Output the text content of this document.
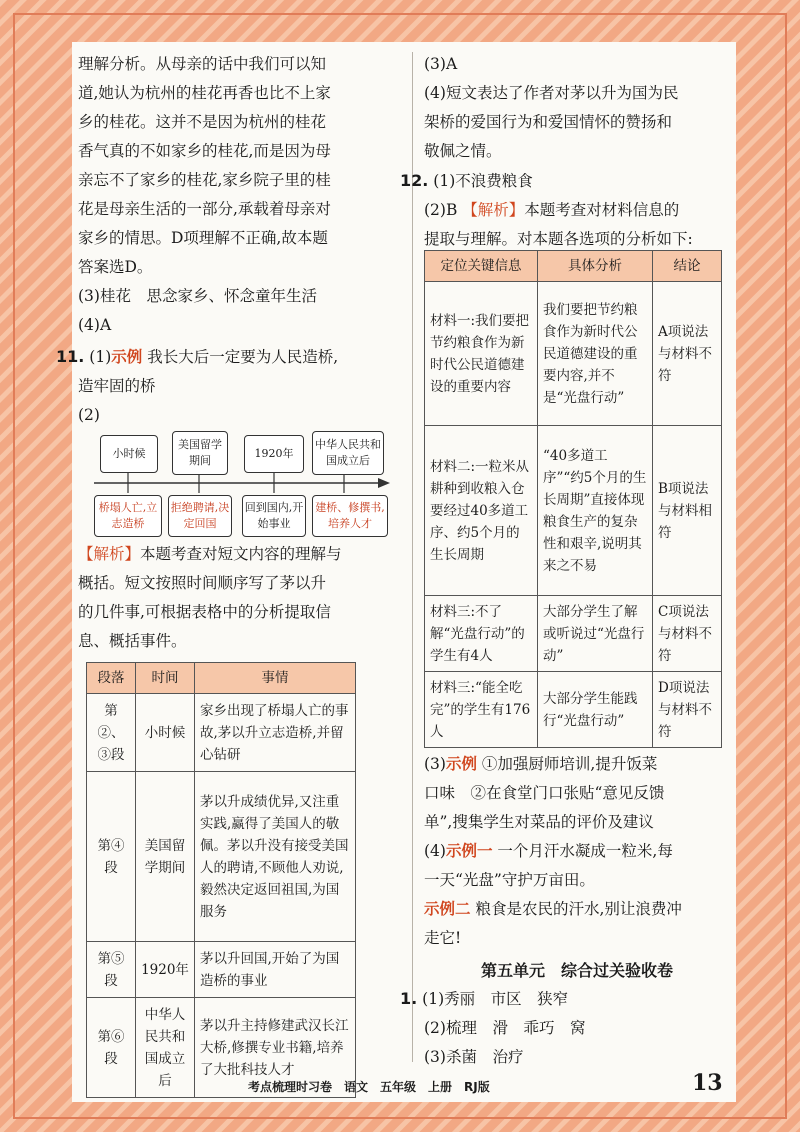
理解分析。从母亲的话中我们可以知

道,她认为杭州的桂花再香也比不上家

乡的桂花。这并不是因为杭州的桂花

香气真的不如家乡的桂花,而是因为母

亲忘不了家乡的桂花,家乡院子里的桂

花是母亲生活的一部分,承载着母亲对

家乡的情思。D项理解不正确,故本题

答案选D。

(3)桂花　思念家乡、怀念童年生活

(4)A

11. (1)示例 我长大后一定要为人民造桥,

造牢固的桥

(2)

小时候
美国留学期间
1920年
中华人民共和国成立后
桥塌人亡,立志造桥
拒绝聘请,决定回国
回到国内,开始事业
建桥、修撰书,培养人才

【解析】本题考查对短文内容的理解与

概括。短文按照时间顺序写了茅以升

的几件事,可根据表格中的分析提取信

息、概括事件。

段落	时间	事情
第②、③段	小时候	家乡出现了桥塌人亡的事故,茅以升立志造桥,并留心钻研
第④段	美国留学期间	茅以升成绩优异,又注重实践,赢得了美国人的敬佩。茅以升没有接受美国人的聘请,不顾他人劝说,毅然决定返回祖国,为国服务
第⑤段	1920年	茅以升回国,开始了为国造桥的事业
第⑥段	中华人民共和国成立后	茅以升主持修建武汉长江大桥,修撰专业书籍,培养了大批科技人才

(3)A

(4)短文表达了作者对茅以升为国为民

架桥的爱国行为和爱国情怀的赞扬和

敬佩之情。

12. (1)不浪费粮食

(2)B 【解析】本题考查对材料信息的

提取与理解。对本题各选项的分析如下:

定位关键信息	具体分析	结论
材料一:我们要把节约粮食作为新时代公民道德建设的重要内容	我们要把节约粮食作为新时代公民道德建设的重要内容,并不是“光盘行动”	A项说法与材料不符
材料二:一粒米从耕种到收粮入仓要经过40多道工序、约5个月的生长周期	“40多道工序”“约5个月的生长周期”直接体现粮食生产的复杂性和艰辛,说明其来之不易	B项说法与材料相符
材料三:不了解“光盘行动”的学生有4人	大部分学生了解或听说过“光盘行动”	C项说法与材料不符
材料三:“能全吃完”的学生有176人	大部分学生能践行“光盘行动”	D项说法与材料不符

(3)示例 ①加强厨师培训,提升饭菜

口味　②在食堂门口张贴“意见反馈

单”,搜集学生对菜品的评价及建议

(4)示例一 一个月汗水凝成一粒米,每

一天“光盘”守护万亩田。

示例二 粮食是农民的汗水,别让浪费冲

走它!

第五单元　综合过关验收卷

1. (1)秀丽　市区　狭窄

(2)梳理　滑　乖巧　窝

(3)杀菌　治疗

考点梳理时习卷　语文　五年级　上册　RJ版	13
